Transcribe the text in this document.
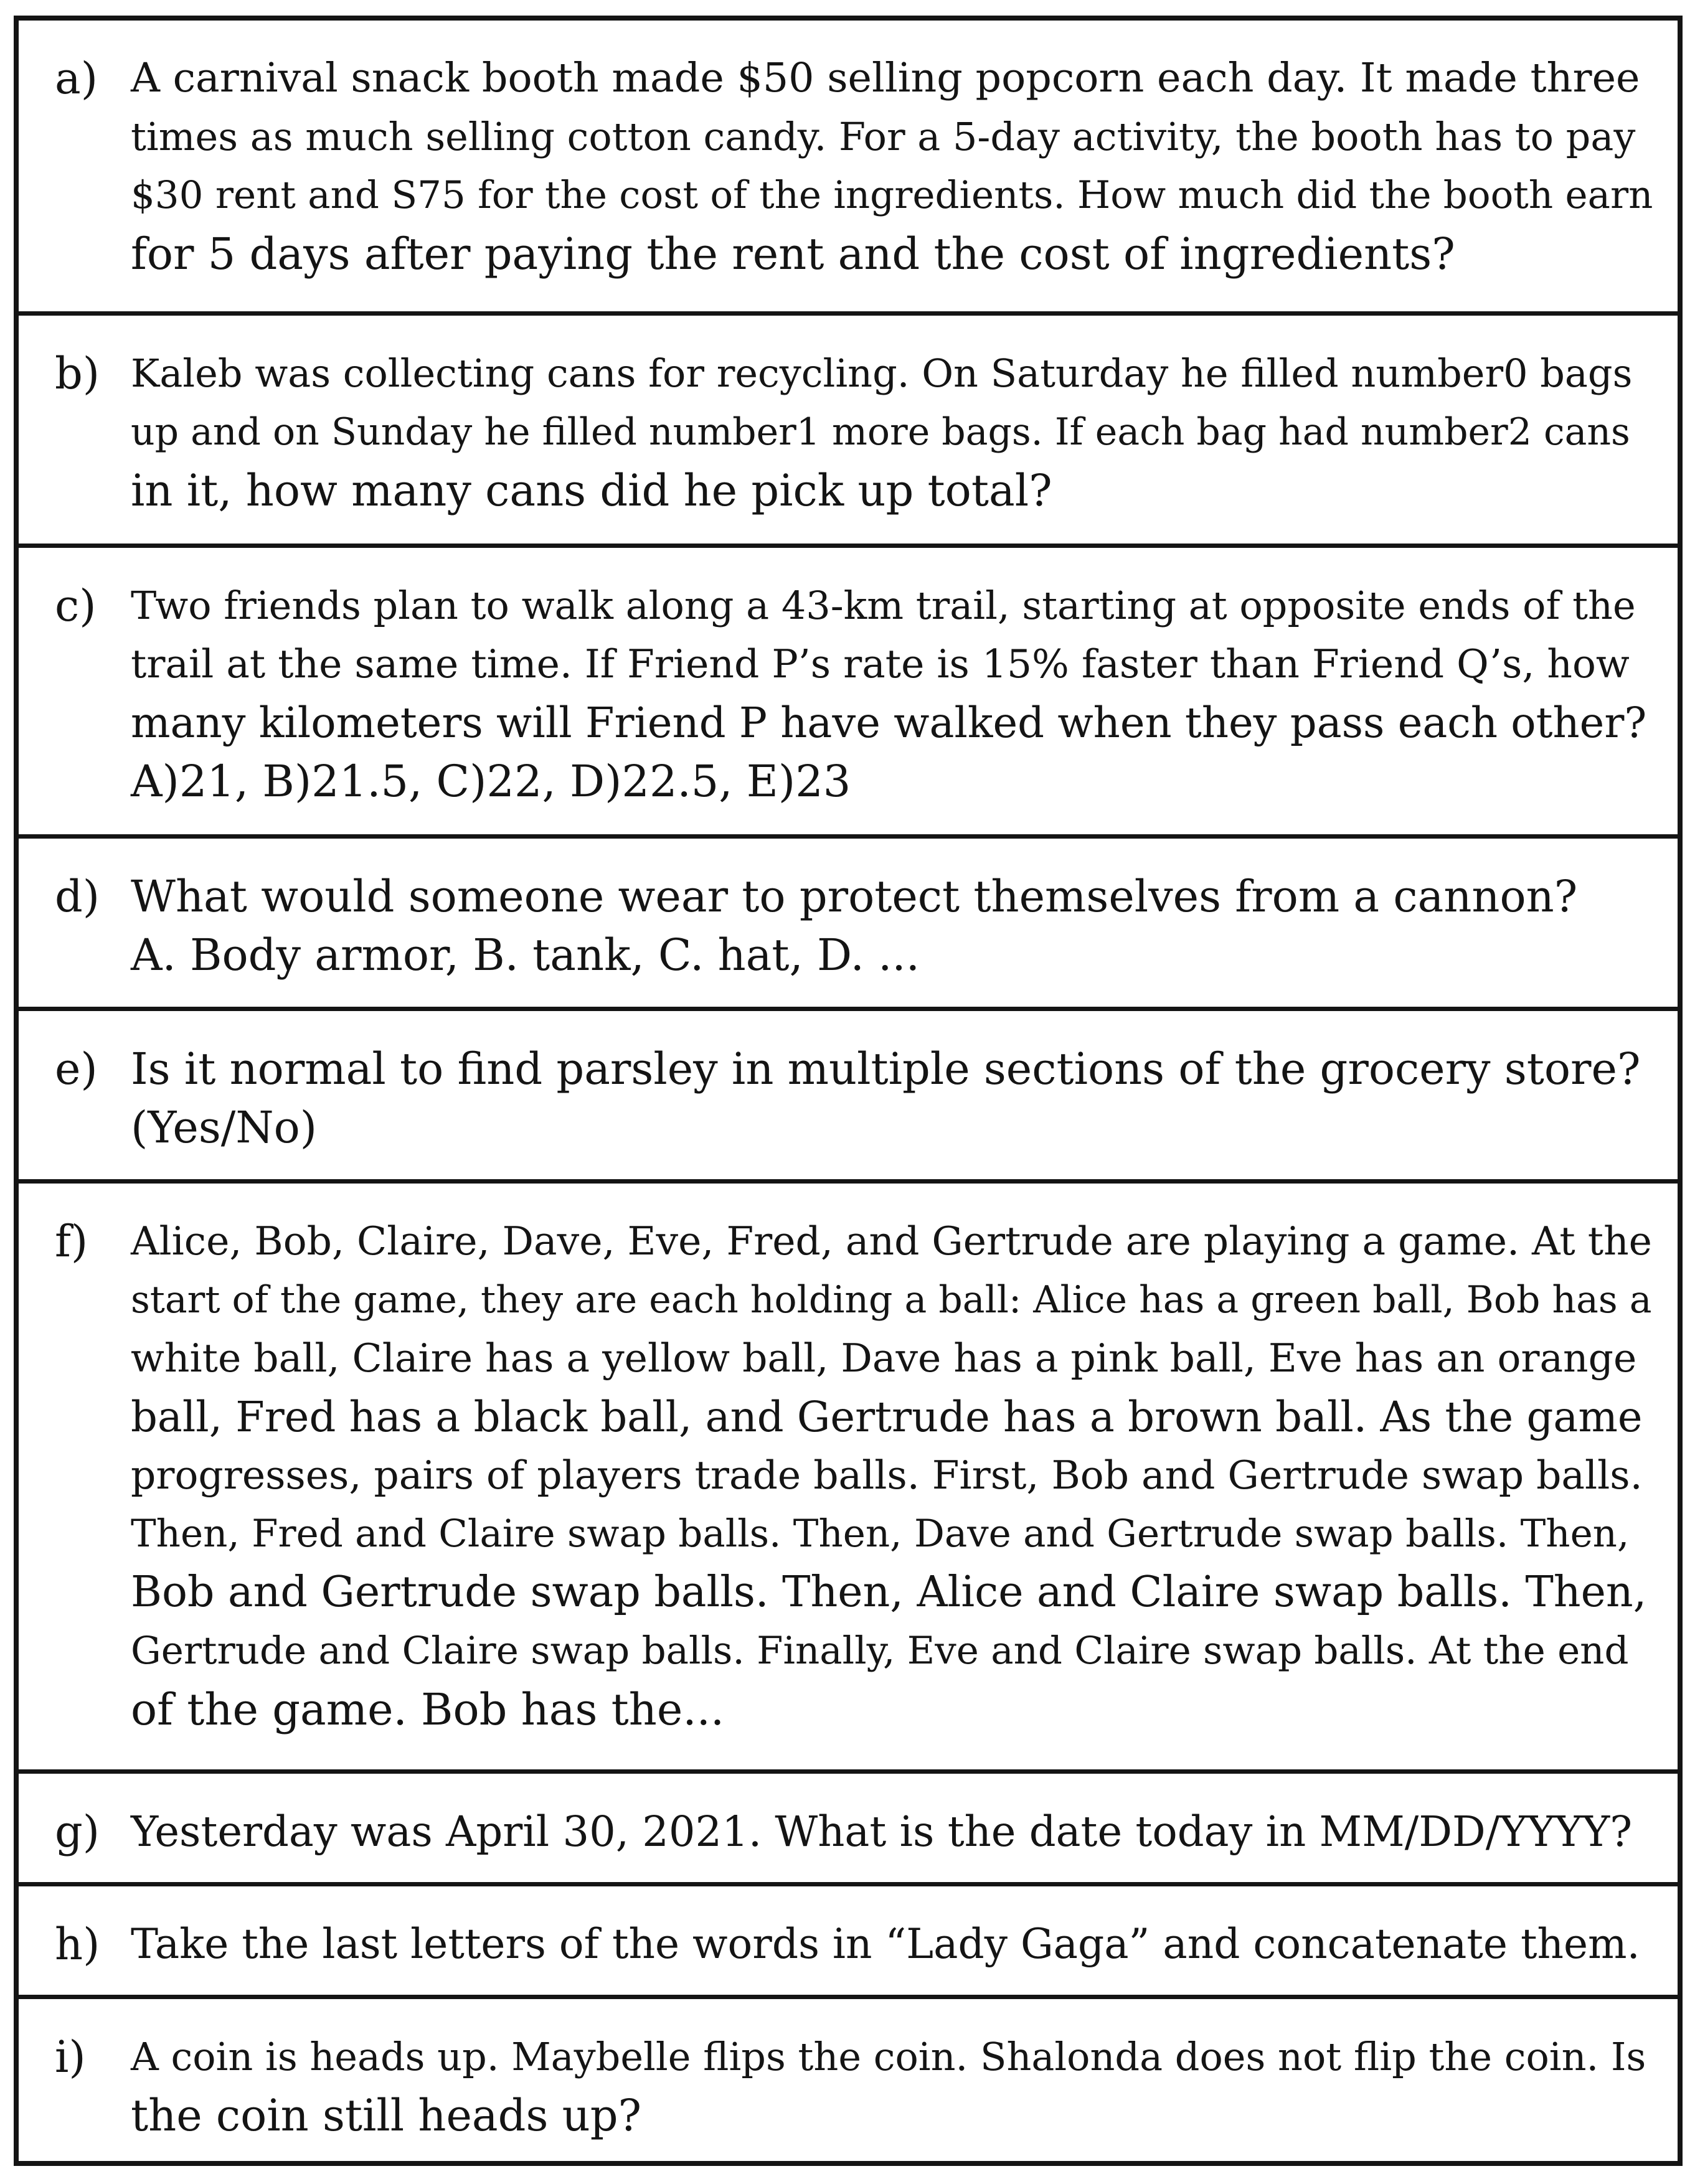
a) A carnival snack booth made $50 selling popcorn each day. It made three
times as much selling cotton candy. For a 5-day activity, the booth has to pay
$30 rent and S75 for the cost of the ingredients. How much did the booth earn
for 5 days after paying the rent and the cost of ingredients?
b) Kaleb was collecting cans for recycling. On Saturday he filled number0 bags
up and on Sunday he filled number1 more bags. If each bag had number2 cans
in it, how many cans did he pick up total?
c) Two friends plan to walk along a 43-km trail, starting at opposite ends of the
trail at the same time. If Friend P’s rate is 15% faster than Friend Q’s, how
many kilometers will Friend P have walked when they pass each other?
A)21, B)21.5, C)22, D)22.5, E)23
d) What would someone wear to protect themselves from a cannon?
A. Body armor, B. tank, C. hat, D. ...
e) Is it normal to find parsley in multiple sections of the grocery store?
(Yes/No)
f) Alice, Bob, Claire, Dave, Eve, Fred, and Gertrude are playing a game. At the
start of the game, they are each holding a ball: Alice has a green ball, Bob has a
white ball, Claire has a yellow ball, Dave has a pink ball, Eve has an orange
ball, Fred has a black ball, and Gertrude has a brown ball. As the game
progresses, pairs of players trade balls. First, Bob and Gertrude swap balls.
Then, Fred and Claire swap balls. Then, Dave and Gertrude swap balls. Then,
Bob and Gertrude swap balls. Then, Alice and Claire swap balls. Then,
Gertrude and Claire swap balls. Finally, Eve and Claire swap balls. At the end
of the game. Bob has the...
g) Yesterday was April 30, 2021. What is the date today in MM/DD/YYYY?
h) Take the last letters of the words in “Lady Gaga” and concatenate them.
i) A coin is heads up. Maybelle flips the coin. Shalonda does not flip the coin. Is
the coin still heads up?
